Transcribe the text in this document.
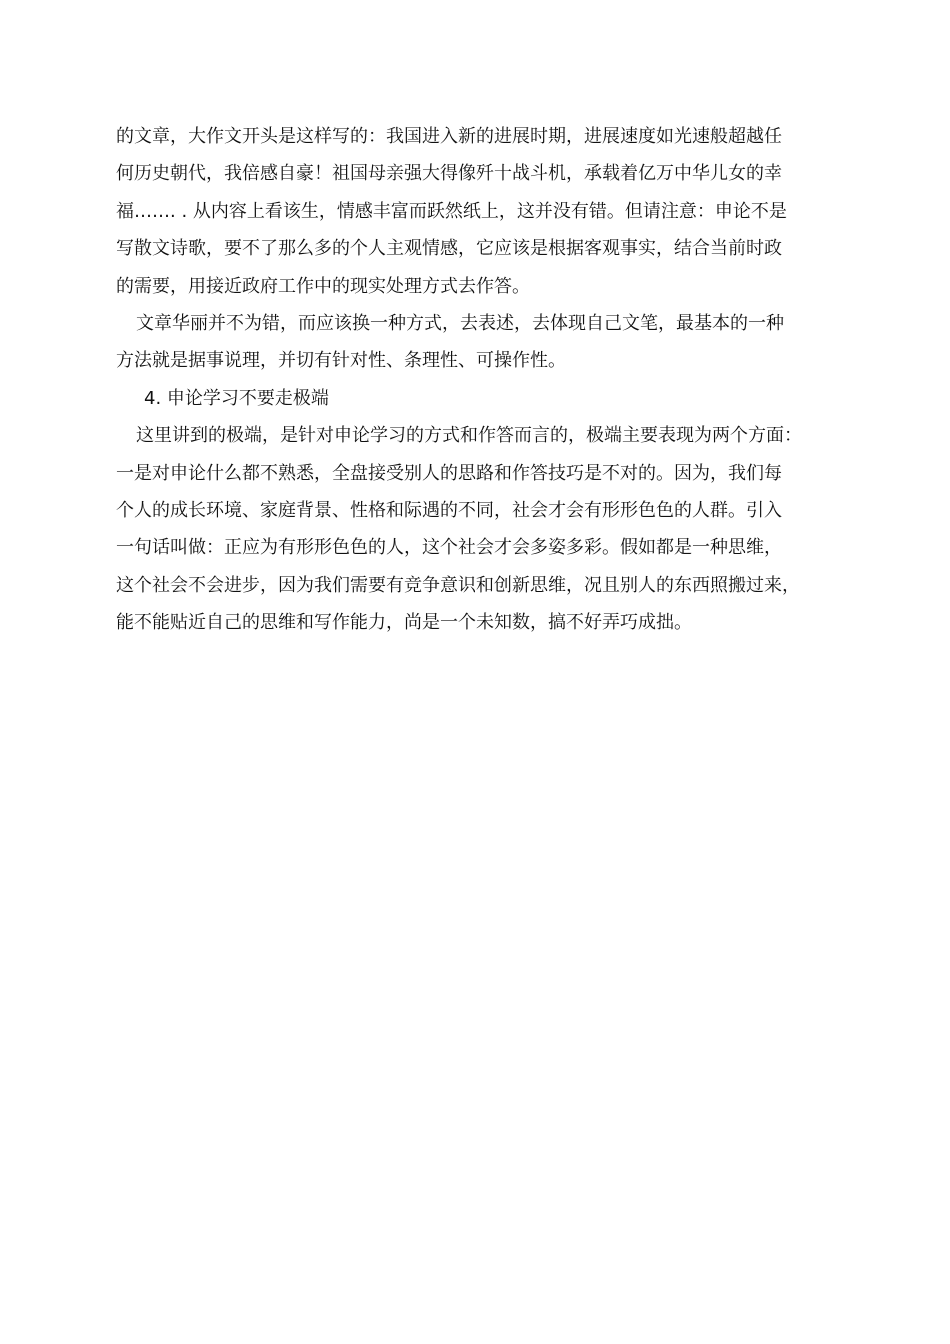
的文章，大作文开头是这样写的：我国进入新的进展时期，进展速度如光速般超越任
何历史朝代，我倍感自豪！祖国母亲强大得像歼十战斗机，承载着亿万中华儿女的幸
福……. . 从内容上看该生，情感丰富而跃然纸上，这并没有错。但请注意：申论不是
写散文诗歌，要不了那么多的个人主观情感，它应该是根据客观事实，结合当前时政
的需要，用接近政府工作中的现实处理方式去作答。
文章华丽并不为错，而应该换一种方式，去表述，去体现自己文笔，最基本的一种
方法就是据事说理，并切有针对性、条理性、可操作性。
4. 申论学习不要走极端
这里讲到的极端，是针对申论学习的方式和作答而言的，极端主要表现为两个方面：
一是对申论什么都不熟悉，全盘接受别人的思路和作答技巧是不对的。因为，我们每
个人的成长环境、家庭背景、性格和际遇的不同，社会才会有形形色色的人群。引入
一句话叫做：正应为有形形色色的人，这个社会才会多姿多彩。假如都是一种思维，
这个社会不会进步，因为我们需要有竞争意识和创新思维，况且别人的东西照搬过来，
能不能贴近自己的思维和写作能力，尚是一个未知数，搞不好弄巧成拙。
